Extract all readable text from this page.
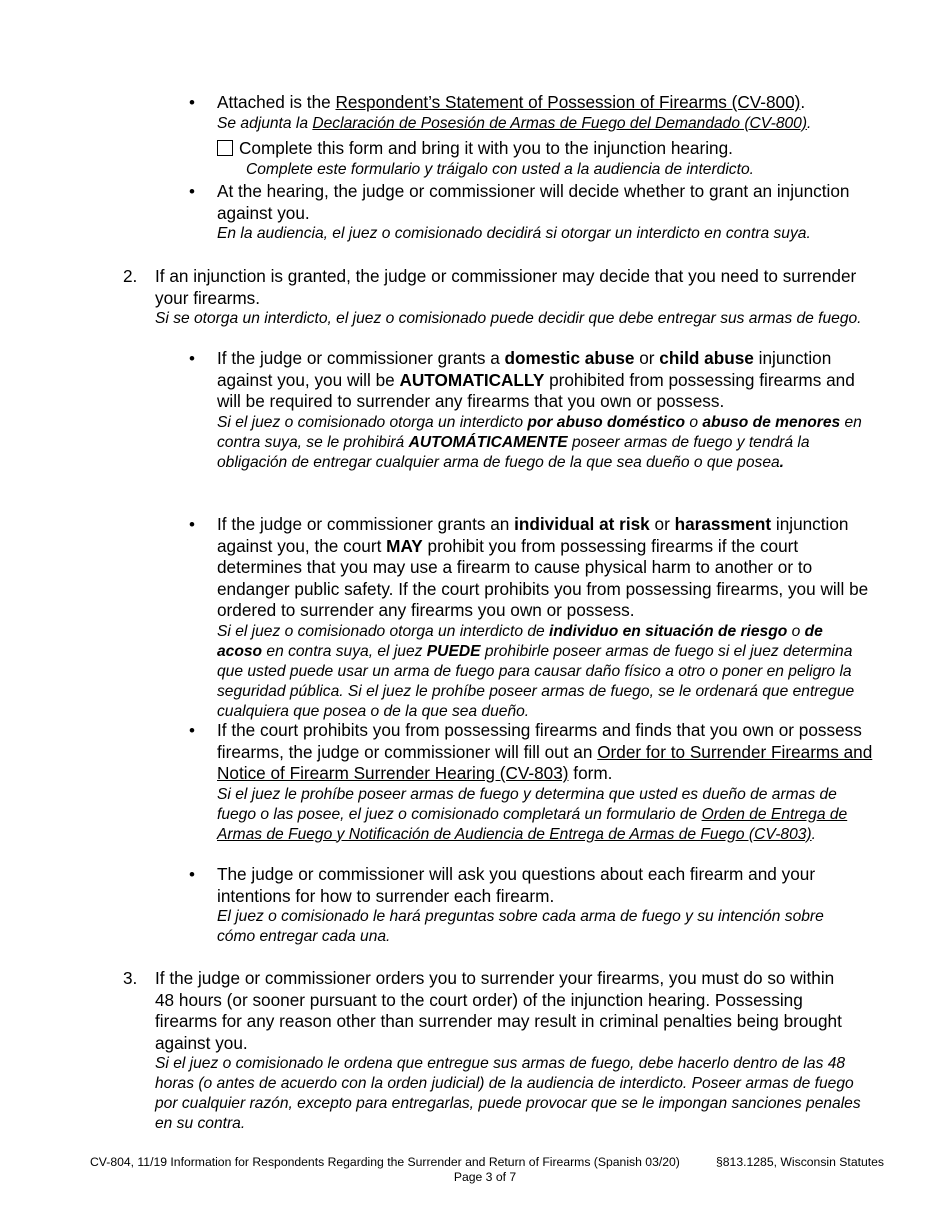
• Attached is the Respondent’s Statement of Possession of Firearms (CV-800).
Se adjunta la Declaración de Posesión de Armas de Fuego del Demandado (CV-800).
Complete this form and bring it with you to the injunction hearing.
Complete este formulario y tráigalo con usted a la audiencia de interdicto.
• At the hearing, the judge or commissioner will decide whether to grant an injunction against you.
En la audiencia, el juez o comisionado decidirá si otorgar un interdicto en contra suya.
2. If an injunction is granted, the judge or commissioner may decide that you need to surrender your firearms.
Si se otorga un interdicto, el juez o comisionado puede decidir que debe entregar sus armas de fuego.
• If the judge or commissioner grants a domestic abuse or child abuse injunction against you, you will be AUTOMATICALLY prohibited from possessing firearms and will be required to surrender any firearms that you own or possess.
Si el juez o comisionado otorga un interdicto por abuso doméstico o abuso de menores en contra suya, se le prohibirá AUTOMÁTICAMENTE poseer armas de fuego y tendrá la obligación de entregar cualquier arma de fuego de la que sea dueño o que posea.
• If the judge or commissioner grants an individual at risk or harassment injunction against you, the court MAY prohibit you from possessing firearms if the court determines that you may use a firearm to cause physical harm to another or to endanger public safety. If the court prohibits you from possessing firearms, you will be ordered to surrender any firearms you own or possess.
Si el juez o comisionado otorga un interdicto de individuo en situación de riesgo o de acoso en contra suya, el juez PUEDE prohibirle poseer armas de fuego si el juez determina que usted puede usar un arma de fuego para causar daño físico a otro o poner en peligro la seguridad pública. Si el juez le prohíbe poseer armas de fuego, se le ordenará que entregue cualquiera que posea o de la que sea dueño.
• If the court prohibits you from possessing firearms and finds that you own or possess firearms, the judge or commissioner will fill out an Order for to Surrender Firearms and Notice of Firearm Surrender Hearing (CV-803) form.
Si el juez le prohíbe poseer armas de fuego y determina que usted es dueño de armas de fuego o las posee, el juez o comisionado completará un formulario de Orden de Entrega de Armas de Fuego y Notificación de Audiencia de Entrega de Armas de Fuego (CV-803).
• The judge or commissioner will ask you questions about each firearm and your intentions for how to surrender each firearm.
El juez o comisionado le hará preguntas sobre cada arma de fuego y su intención sobre cómo entregar cada una.
3. If the judge or commissioner orders you to surrender your firearms, you must do so within 48 hours (or sooner pursuant to the court order) of the injunction hearing. Possessing firearms for any reason other than surrender may result in criminal penalties being brought against you.
Si el juez o comisionado le ordena que entregue sus armas de fuego, debe hacerlo dentro de las 48 horas (o antes de acuerdo con la orden judicial) de la audiencia de interdicto. Poseer armas de fuego por cualquier razón, excepto para entregarlas, puede provocar que se le impongan sanciones penales en su contra.
CV-804, 11/19 Information for Respondents Regarding the Surrender and Return of Firearms (Spanish 03/20)	§813.1285, Wisconsin Statutes
Page 3 of 7
